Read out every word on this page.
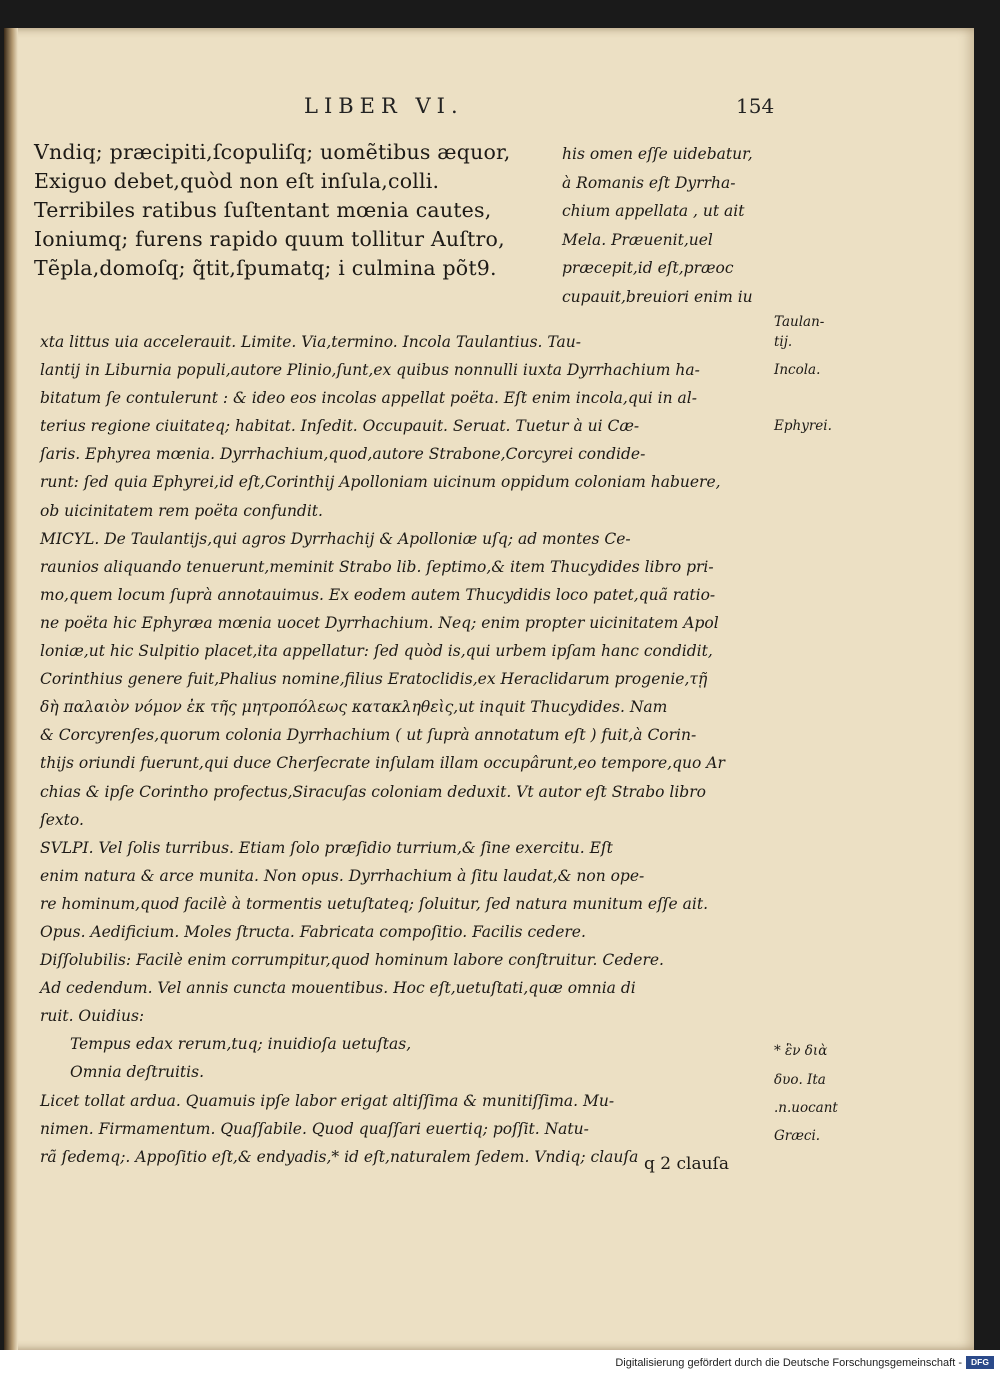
LIBER VI.	154
Vndiq; præcipiti,ſcopuliſq; uomẽtibus æquor,
Exiguo debet,quòd non eſt inſula,colli.
Terribiles ratibus ſuſtentant mœnia cautes,
Ioniumq; furens rapido quum tollitur Auſtro,
Tẽpla,domoſq; q̃tit,ſpumatq; i culmina põt9.
his omen eſſe uidebatur,
à Romanis eſt Dyrrha-
chium appellata , ut ait
Mela. Præuenit,uel
præcepit,id eſt,præoc
cupauit,breuiori enim iu
xta littus uia accelerauit. Limite. Via,termino. Incola Taulantius. Tau-
lantij in Liburnia populi,autore Plinio,ſunt,ex quibus nonnulli iuxta Dyrrhachium ha-
bitatum ſe contulerunt : & ideo eos incolas appellat poëta. Eſt enim incola,qui in al-
terius regione ciuitateq; habitat. Inſedit. Occupauit. Seruat. Tuetur à ui Cæ-
ſaris. Ephyrea mœnia. Dyrrhachium,quod,autore Strabone,Corcyrei condide-
runt: ſed quia Ephyrei,id eſt,Corinthij Apolloniam uicinum oppidum coloniam habuere,
ob uicinitatem rem poëta confundit.
MICYL. De Taulantijs,qui agros Dyrrhachij & Apolloniæ uſq; ad montes Ce-
raunios aliquando tenuerunt,meminit Strabo lib. ſeptimo,& item Thucydides libro pri-
mo,quem locum ſuprà annotauimus. Ex eodem autem Thucydidis loco patet,quã ratio-
ne poëta hic Ephyræa mœnia uocet Dyrrhachium. Neq; enim propter uicinitatem Apol
loniæ,ut hic Sulpitio placet,ita appellatur: ſed quòd is,qui urbem ipſam hanc condidit,
Corinthius genere fuit,Phalius nomine,filius Eratoclidis,ex Heraclidarum progenie,τῇ
δὴ παλαιὸν νόμον ἐκ τῆς μητροπόλεως κατακληθεὶς,ut inquit Thucydides. Nam
& Corcyrenſes,quorum colonia Dyrrhachium ( ut ſuprà annotatum eſt ) fuit,à Corin-
thijs oriundi fuerunt,qui duce Cherſecrate inſulam illam occupârunt,eo tempore,quo Ar
chias & ipſe Corintho profectus,Siracuſas coloniam deduxit. Vt autor eſt Strabo libro
ſexto.
SVLPI. Vel ſolis turribus. Etiam ſolo præſidio turrium,& ſine exercitu. Eſt
enim natura & arce munita. Non opus. Dyrrhachium à ſitu laudat,& non ope-
re hominum,quod facilè à tormentis uetuſtateq; ſoluitur, ſed natura munitum eſſe ait.
Opus. Aedificium. Moles ſtructa. Fabricata compoſitio. Facilis cedere.
Diſſolubilis: Facilè enim corrumpitur,quod hominum labore conſtruitur. Cedere.
Ad cedendum. Vel annis cuncta mouentibus. Hoc eſt,uetuſtati,quæ omnia di
ruit. Ouidius:
Tempus edax rerum,tuq; inuidioſa uetuſtas,
Omnia deſtruitis.
Licet tollat ardua. Quamuis ipſe labor erigat altiſſima & munitiſſima. Mu-
nimen. Firmamentum. Quaſſabile. Quod quaſſari euertiq; poſſit. Natu-
rã ſedemq;. Appoſitio eſt,& endyadis,* id eſt,naturalem ſedem. Vndiq; clauſa
Taulan-
tij.
Incola.
Ephyrei.
* ἓν διὰ
δυο. Ita
.n.uocant
Græci.
q 2 clauſa
Digitalisierung gefördert durch die Deutsche Forschungsgemeinschaft -	DFG
